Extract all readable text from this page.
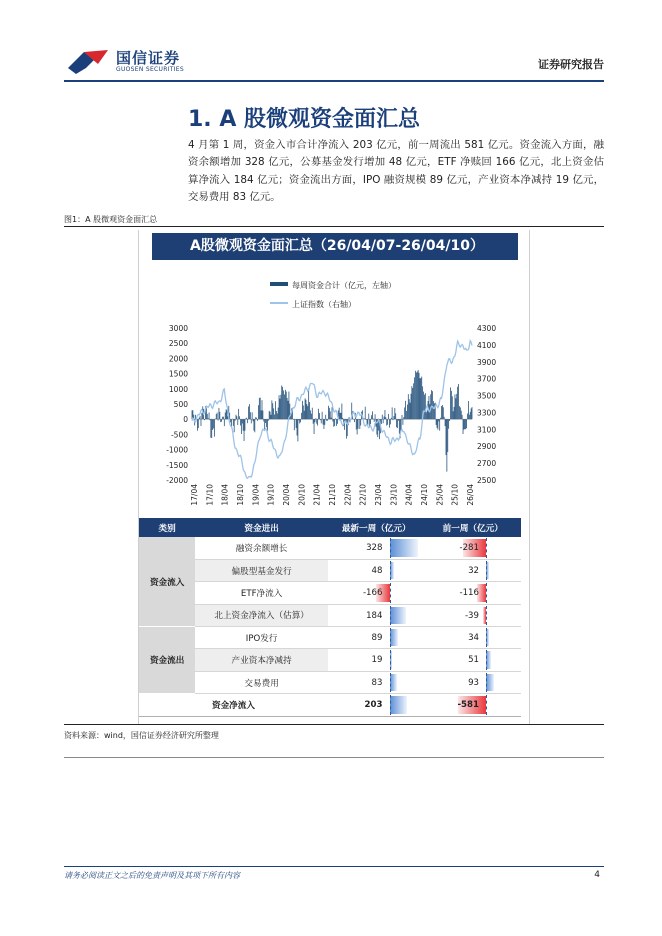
国信证券
GUOSEN SECURITIES	证券研究报告
1. A 股微观资金面汇总

4 月第 1 周，资金入市合计净流入 203 亿元，前一周流出 581 亿元。资金流入方面，融资余额增加 328 亿元，公募基金发行增加 48 亿元，ETF 净赎回 166 亿元，北上资金估算净流入 184 亿元；资金流出方面，IPO 融资规模 89 亿元，产业资本净减持 19 亿元，交易费用 83 亿元。

图1：A 股微观资金面汇总
A股微观资金面汇总（26/04/07-26/04/10）
每周资金合计（亿元，左轴）
上证指数（右轴）
3000
2500
2000
1500
1000
500
0
-500
-1000
-1500
-2000
4300
4100
3900
3700
3500
3300
3100
2900
2700
2500
17/04 17/10 18/04 18/10 19/04 19/10 20/04 20/10 21/04 21/10 22/04 22/10 23/04 23/10 24/04 24/10 25/04 25/10 26/04
类别	资金进出	最新一周（亿元）	前一周（亿元）
资金流入	融资余额增长	328	-281

	偏股型基金发行	48	32

	ETF净流入	-166	-116

	北上资金净流入（估算）	184	-39

资金流出	IPO发行	89	34

	产业资本净减持	19	51

	交易费用	83	93

资金净流入		203	-581
资料来源：wind，国信证券经济研究所整理
请务必阅读正文之后的免责声明及其项下所有内容	4
